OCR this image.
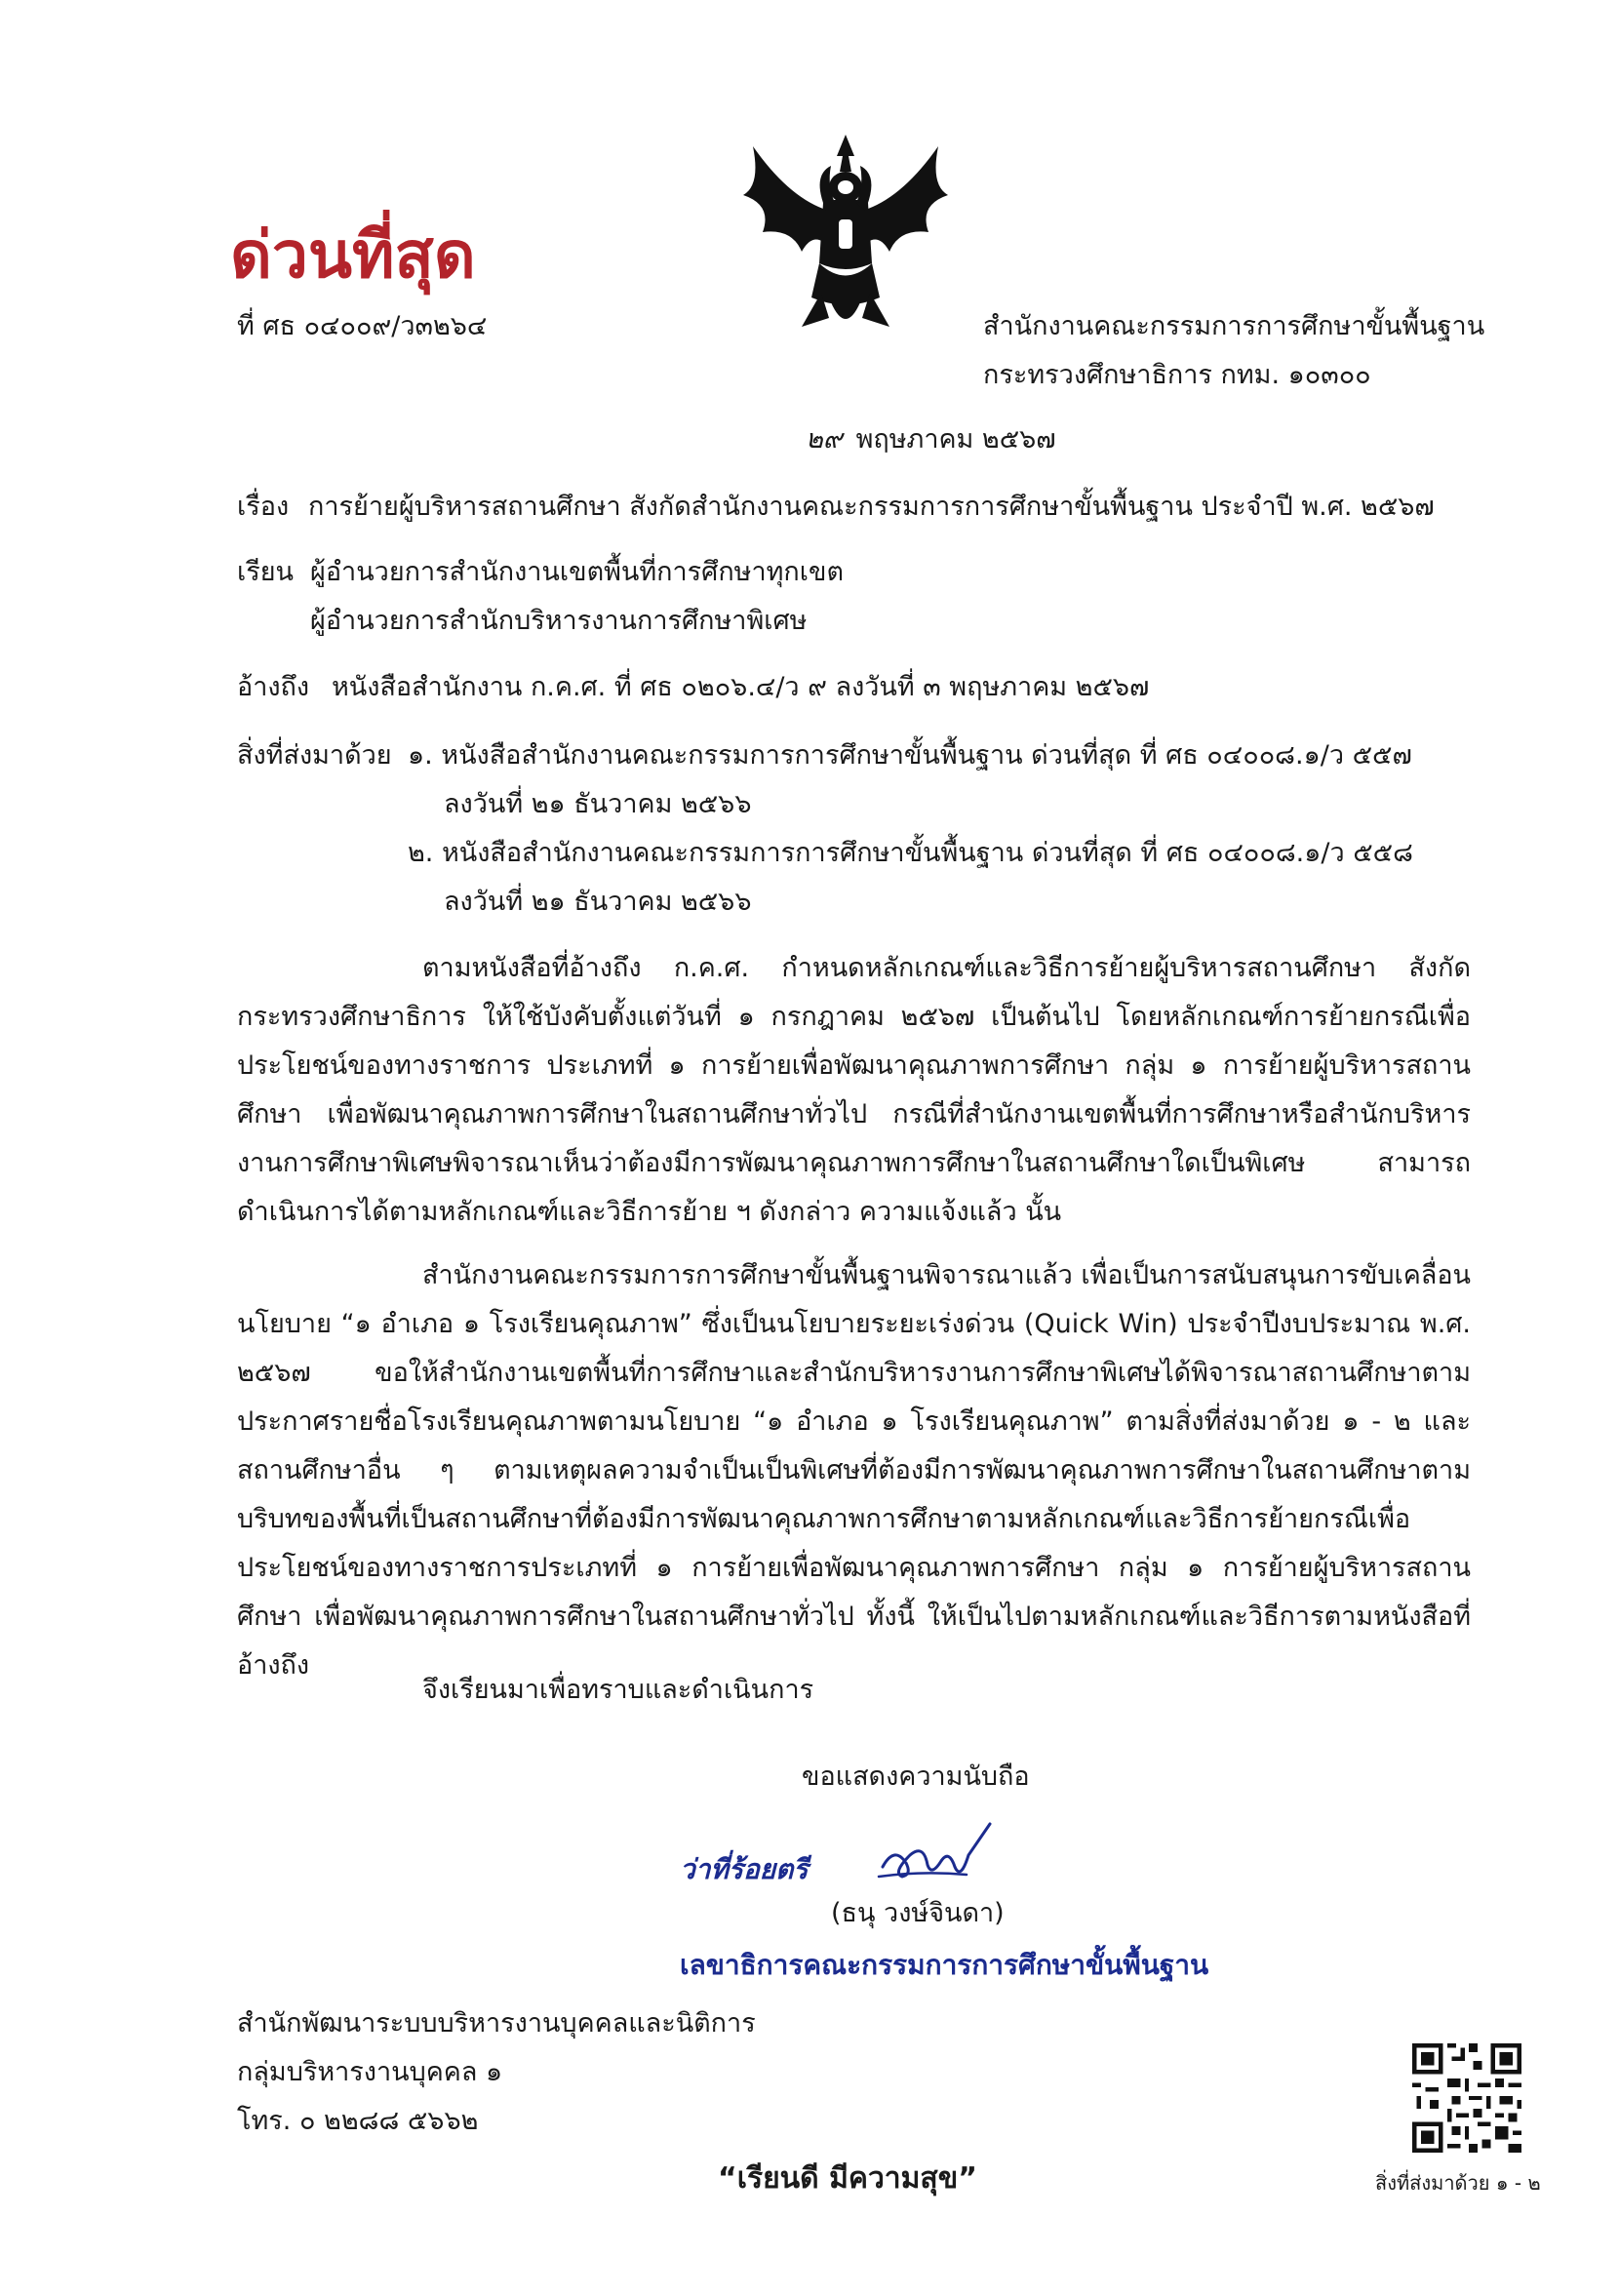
ด่วนที่สุด
ที่ ศธ ๐๔๐๐๙/ว๓๒๖๔	สำนักงานคณะกรรมการการศึกษาขั้นพื้นฐาน
กระทรวงศึกษาธิการ กทม. ๑๐๓๐๐
๒๙ พฤษภาคม ๒๕๖๗
เรื่อง การย้ายผู้บริหารสถานศึกษา สังกัดสำนักงานคณะกรรมการการศึกษาขั้นพื้นฐาน ประจำปี พ.ศ. ๒๕๖๗
เรียน ผู้อำนวยการสำนักงานเขตพื้นที่การศึกษาทุกเขต
ผู้อำนวยการสำนักบริหารงานการศึกษาพิเศษ
อ้างถึง หนังสือสำนักงาน ก.ค.ศ. ที่ ศธ ๐๒๐๖.๔/ว ๙ ลงวันที่ ๓ พฤษภาคม ๒๕๖๗
สิ่งที่ส่งมาด้วย ๑. หนังสือสำนักงานคณะกรรมการการศึกษาขั้นพื้นฐาน ด่วนที่สุด ที่ ศธ ๐๔๐๐๘.๑/ว ๕๕๗
ลงวันที่ ๒๑ ธันวาคม ๒๕๖๖
๒. หนังสือสำนักงานคณะกรรมการการศึกษาขั้นพื้นฐาน ด่วนที่สุด ที่ ศธ ๐๔๐๐๘.๑/ว ๕๕๘
ลงวันที่ ๒๑ ธันวาคม ๒๕๖๖

ตามหนังสือที่อ้างถึง ก.ค.ศ. กำหนดหลักเกณฑ์และวิธีการย้ายผู้บริหารสถานศึกษา สังกัดกระทรวงศึกษาธิการ ให้ใช้บังคับตั้งแต่วันที่ ๑ กรกฎาคม ๒๕๖๗ เป็นต้นไป โดยหลักเกณฑ์การย้ายกรณีเพื่อประโยชน์ของทางราชการ ประเภทที่ ๑ การย้ายเพื่อพัฒนาคุณภาพการศึกษา กลุ่ม ๑ การย้ายผู้บริหารสถานศึกษา เพื่อพัฒนาคุณภาพการศึกษาในสถานศึกษาทั่วไป กรณีที่สำนักงานเขตพื้นที่การศึกษาหรือสำนักบริหารงานการศึกษาพิเศษพิจารณาเห็นว่าต้องมีการพัฒนาคุณภาพการศึกษาในสถานศึกษาใดเป็นพิเศษ สามารถดำเนินการได้ตามหลักเกณฑ์และวิธีการย้าย ฯ ดังกล่าว ความแจ้งแล้ว นั้น

สำนักงานคณะกรรมการการศึกษาขั้นพื้นฐานพิจารณาแล้ว เพื่อเป็นการสนับสนุนการขับเคลื่อนนโยบาย “๑ อำเภอ ๑ โรงเรียนคุณภาพ” ซึ่งเป็นนโยบายระยะเร่งด่วน (Quick Win) ประจำปีงบประมาณ พ.ศ. ๒๕๖๗ ขอให้สำนักงานเขตพื้นที่การศึกษาและสำนักบริหารงานการศึกษาพิเศษได้พิจารณาสถานศึกษาตามประกาศรายชื่อโรงเรียนคุณภาพตามนโยบาย “๑ อำเภอ ๑ โรงเรียนคุณภาพ” ตามสิ่งที่ส่งมาด้วย ๑ - ๒ และสถานศึกษาอื่น ๆ ตามเหตุผลความจำเป็นเป็นพิเศษที่ต้องมีการพัฒนาคุณภาพการศึกษาในสถานศึกษาตามบริบทของพื้นที่เป็นสถานศึกษาที่ต้องมีการพัฒนาคุณภาพการศึกษาตามหลักเกณฑ์และวิธีการย้ายกรณีเพื่อประโยชน์ของทางราชการประเภทที่ ๑ การย้ายเพื่อพัฒนาคุณภาพการศึกษา กลุ่ม ๑ การย้ายผู้บริหารสถานศึกษา เพื่อพัฒนาคุณภาพการศึกษาในสถานศึกษาทั่วไป ทั้งนี้ ให้เป็นไปตามหลักเกณฑ์และวิธีการตามหนังสือที่อ้างถึง

จึงเรียนมาเพื่อทราบและดำเนินการ
ขอแสดงความนับถือ
ว่าที่ร้อยตรี
(ธนุ วงษ์จินดา)
เลขาธิการคณะกรรมการการศึกษาขั้นพื้นฐาน
สำนักพัฒนาระบบบริหารงานบุคคลและนิติการ
กลุ่มบริหารงานบุคคล ๑
โทร. ๐ ๒๒๘๘ ๕๖๖๒
“เรียนดี มีความสุข”	สิ่งที่ส่งมาด้วย ๑ - ๒
